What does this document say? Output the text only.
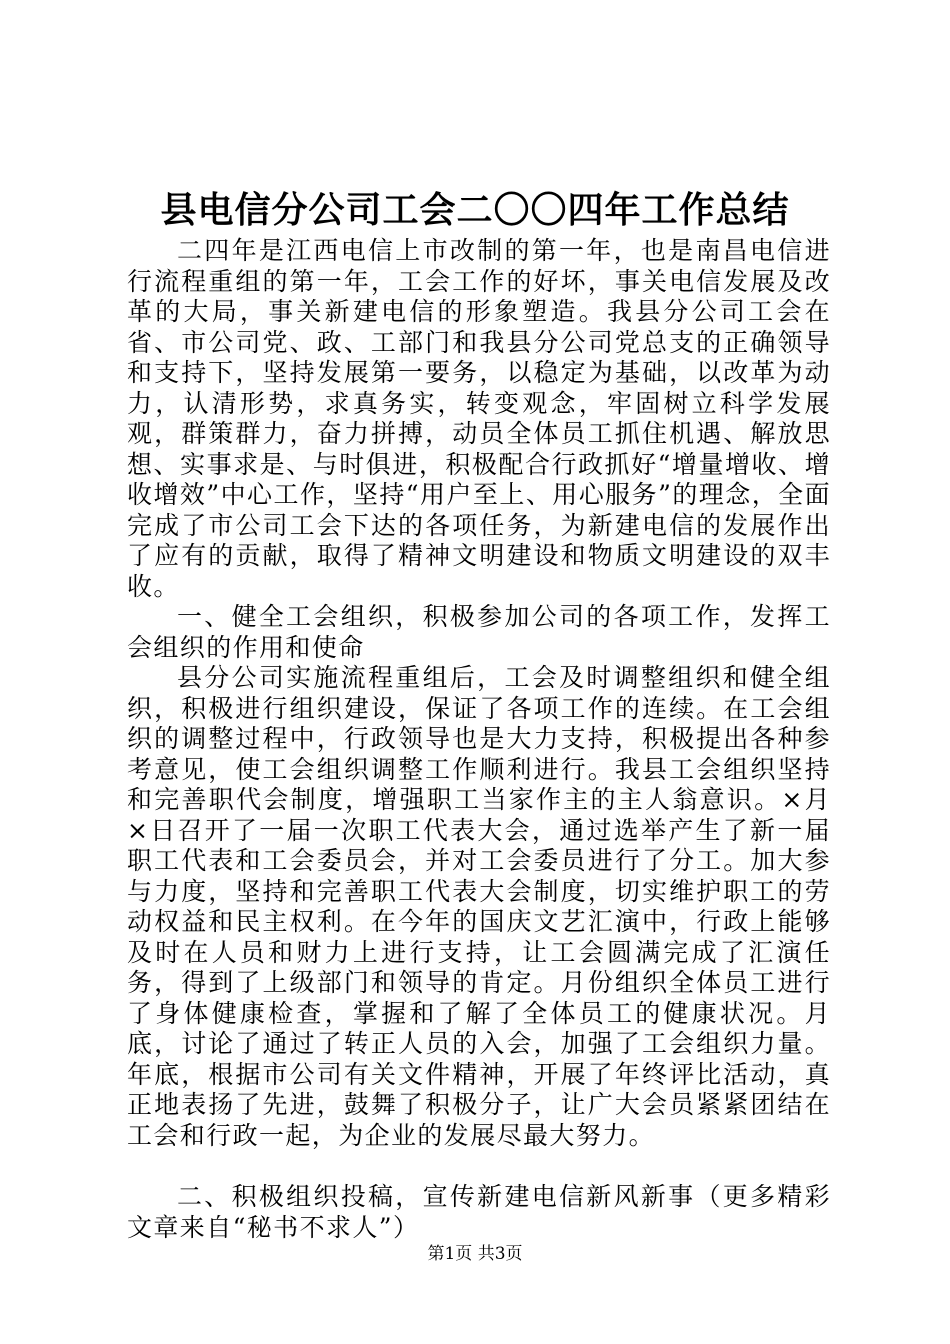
县电信分公司工会二〇〇四年工作总结

二四年是江西电信上市改制的第一年，也是南昌电信进行流程重组的第一年，工会工作的好坏，事关电信发展及改革的大局，事关新建电信的形象塑造。我县分公司工会在省、市公司党、政、工部门和我县分公司党总支的正确领导和支持下，坚持发展第一要务，以稳定为基础，以改革为动力，认清形势，求真务实，转变观念，牢固树立科学发展观，群策群力，奋力拼搏，动员全体员工抓住机遇、解放思想、实事求是、与时俱进，积极配合行政抓好“增量增收、增收增效”中心工作，坚持“用户至上、用心服务”的理念，全面完成了市公司工会下达的各项任务，为新建电信的发展作出了应有的贡献，取得了精神文明建设和物质文明建设的双丰收。

一、健全工会组织，积极参加公司的各项工作，发挥工会组织的作用和使命

县分公司实施流程重组后，工会及时调整组织和健全组织，积极进行组织建设，保证了各项工作的连续。在工会组织的调整过程中，行政领导也是大力支持，积极提出各种参考意见，使工会组织调整工作顺利进行。我县工会组织坚持和完善职代会制度，增强职工当家作主的主人翁意识。×月×日召开了一届一次职工代表大会，通过选举产生了新一届职工代表和工会委员会，并对工会委员进行了分工。加大参与力度，坚持和完善职工代表大会制度，切实维护职工的劳动权益和民主权利。在今年的国庆文艺汇演中，行政上能够及时在人员和财力上进行支持，让工会圆满完成了汇演任务，得到了上级部门和领导的肯定。月份组织全体员工进行了身体健康检查，掌握和了解了全体员工的健康状况。月底，讨论了通过了转正人员的入会，加强了工会组织力量。年底，根据市公司有关文件精神，开展了年终评比活动，真正地表扬了先进，鼓舞了积极分子，让广大会员紧紧团结在工会和行政一起，为企业的发展尽最大努力。

二、积极组织投稿，宣传新建电信新风新事（更多精彩文章来自“秘书不求人”）

第1页 共3页
